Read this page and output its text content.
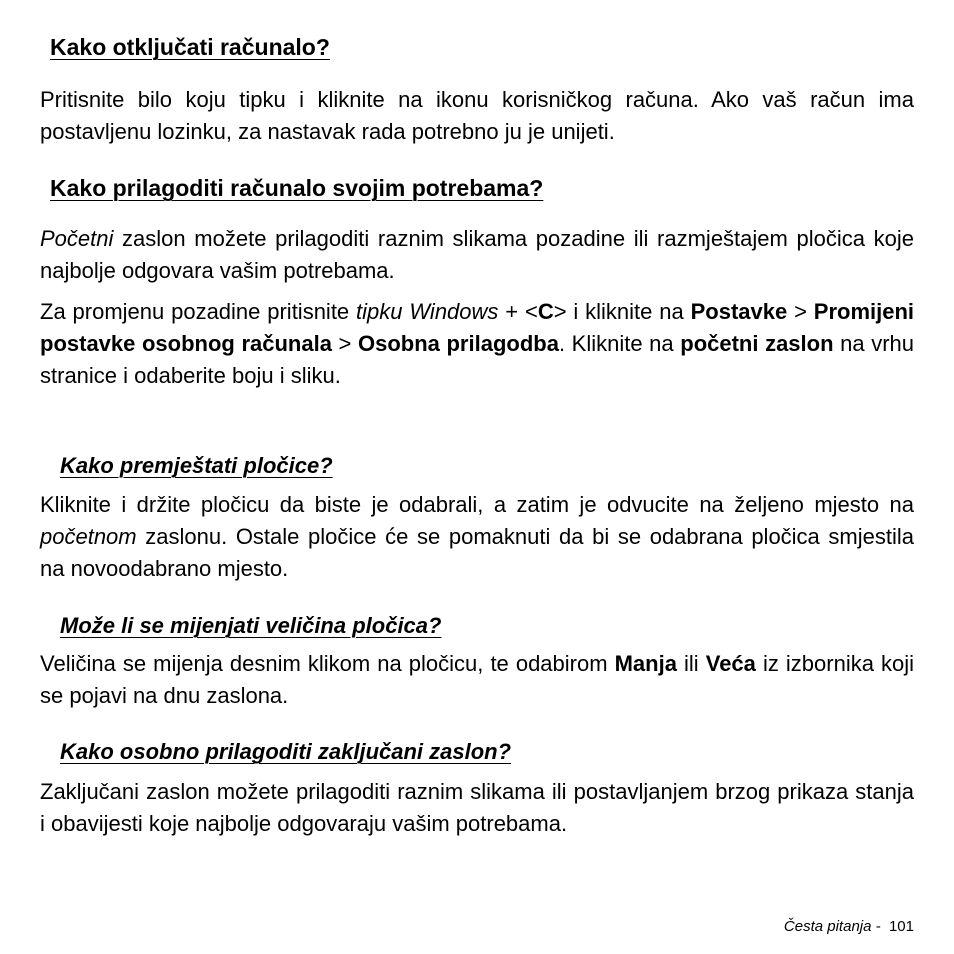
Kako otključati računalo?

Pritisnite bilo koju tipku i kliknite na ikonu korisničkog računa. Ako vaš račun ima postavljenu lozinku, za nastavak rada potrebno ju je unijeti.

Kako prilagoditi računalo svojim potrebama?

Početni zaslon možete prilagoditi raznim slikama pozadine ili razmještajem pločica koje najbolje odgovara vašim potrebama.

Za promjenu pozadine pritisnite tipku Windows + <C> i kliknite na Postavke > Promijeni postavke osobnog računala > Osobna prilagodba. Kliknite na početni zaslon na vrhu stranice i odaberite boju i sliku.

Kako premještati pločice?

Kliknite i držite pločicu da biste je odabrali, a zatim je odvucite na željeno mjesto na početnom zaslonu. Ostale pločice će se pomaknuti da bi se odabrana pločica smjestila na novoodabrano mjesto.

Može li se mijenjati veličina pločica?

Veličina se mijenja desnim klikom na pločicu, te odabirom Manja ili Veća iz izbornika koji se pojavi na dnu zaslona.

Kako osobno prilagoditi zaključani zaslon?

Zaključani zaslon možete prilagoditi raznim slikama ili postavljanjem brzog prikaza stanja i obavijesti koje najbolje odgovaraju vašim potrebama.

Česta pitanja - 101
